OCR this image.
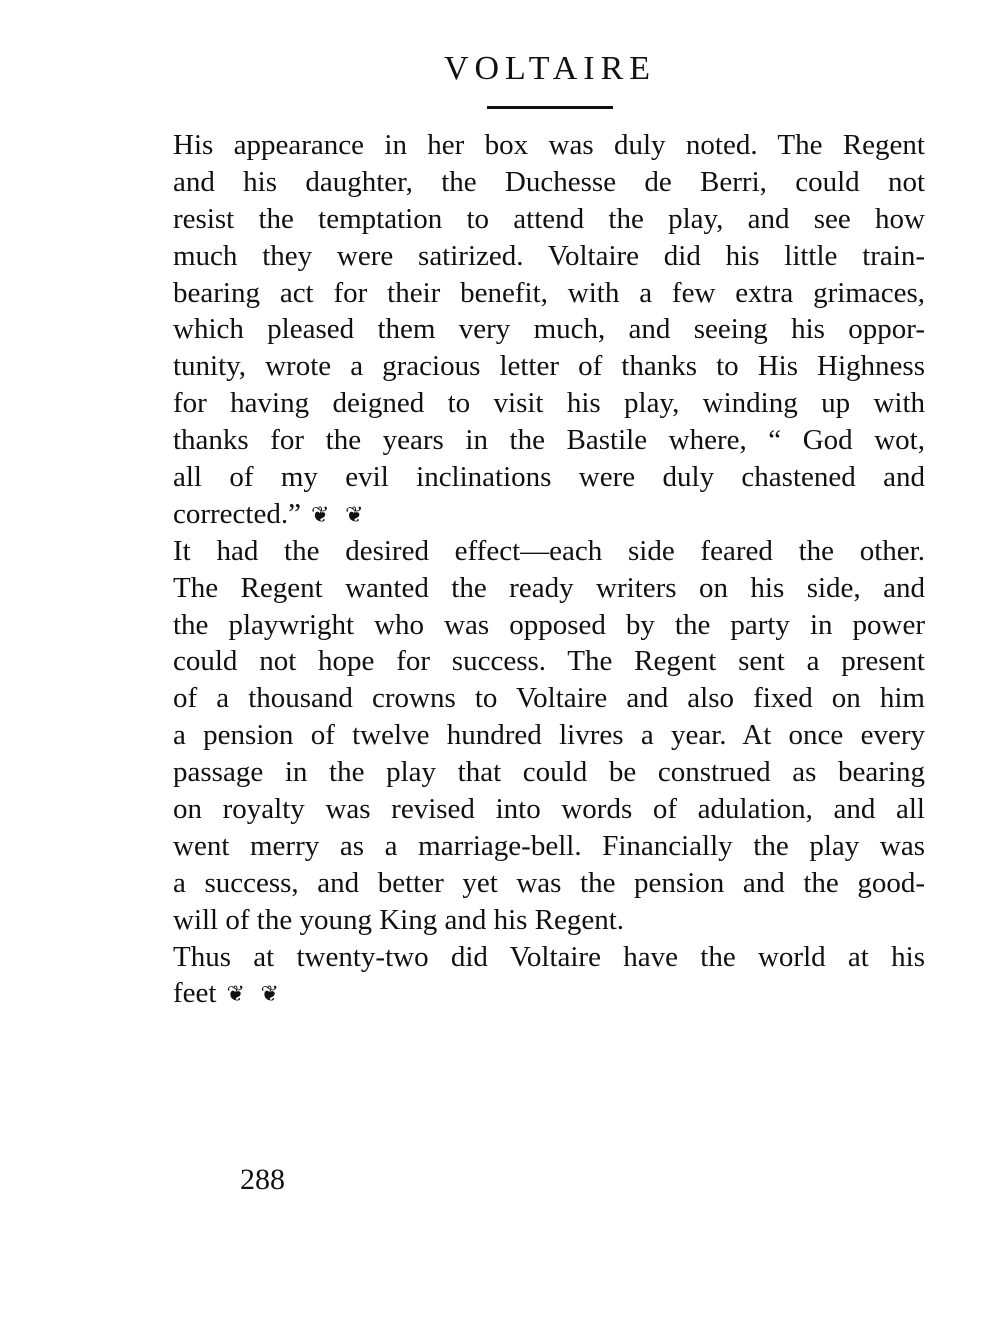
VOLTAIRE
His appearance in her box was duly noted. The Regent
and his daughter, the Duchesse de Berri, could not
resist the temptation to attend the play, and see how
much they were satirized. Voltaire did his little train-
bearing act for their benefit, with a few extra grimaces,
which pleased them very much, and seeing his oppor-
tunity, wrote a gracious letter of thanks to His Highness
for having deigned to visit his play, winding up with
thanks for the years in the Bastile where, “ God wot,
all of my evil inclinations were duly chastened and
corrected.” ❦ ❦
It had the desired effect—each side feared the other.
The Regent wanted the ready writers on his side, and
the playwright who was opposed by the party in power
could not hope for success. The Regent sent a present
of a thousand crowns to Voltaire and also fixed on him
a pension of twelve hundred livres a year. At once every
passage in the play that could be construed as bearing
on royalty was revised into words of adulation, and all
went merry as a marriage-bell. Financially the play was
a success, and better yet was the pension and the good-
will of the young King and his Regent.
Thus at twenty-two did Voltaire have the world at his
feet ❦ ❦
288
